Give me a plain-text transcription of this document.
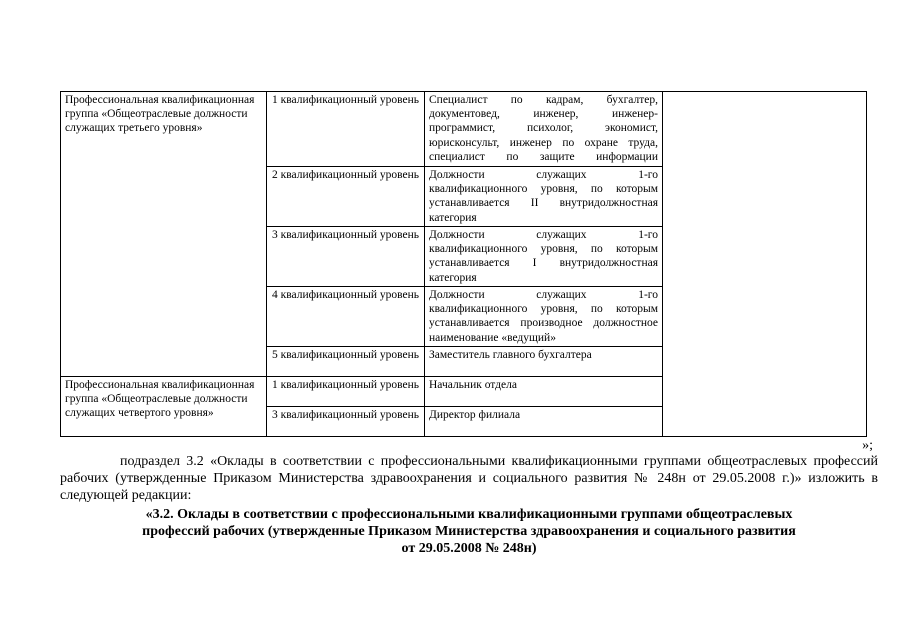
Профессиональная квалификационная группа «Общеотраслевые должности служащих третьего уровня»	1 квалификационный уровень	Специалист по кадрам, бухгалтер, документовед, инженер, инженер-программист, психолог, экономист, юрисконсульт, инженер по охране труда, специалист по защите информации	
	2 квалификационный уровень	Должности служащих 1-го квалификационного уровня, по которым устанавливается II внутридолжностная категория	
	3 квалификационный уровень	Должности служащих 1-го квалификационного уровня, по которым устанавливается I внутридолжностная категория	
	4 квалификационный уровень	Должности служащих 1-го квалификационного уровня, по которым устанавливается производное должностное наименование «ведущий»	
	5 квалификационный уровень	Заместитель главного бухгалтера	
Профессиональная квалификационная группа «Общеотраслевые должности служащих четвертого уровня»	1 квалификационный уровень	Начальник отдела	
	3 квалификационный уровень	Директор филиала	
»;

подраздел 3.2 «Оклады в соответствии с профессиональными квалификационными группами общеотраслевых профессий рабочих (утвержденные Приказом Министерства здравоохранения и социального развития № 248н от 29.05.2008 г.)» изложить в следующей редакции:

«3.2. Оклады в соответствии с профессиональными квалификационными группами общеотраслевых
профессий рабочих (утвержденные Приказом Министерства здравоохранения и социального развития
от 29.05.2008 № 248н)
